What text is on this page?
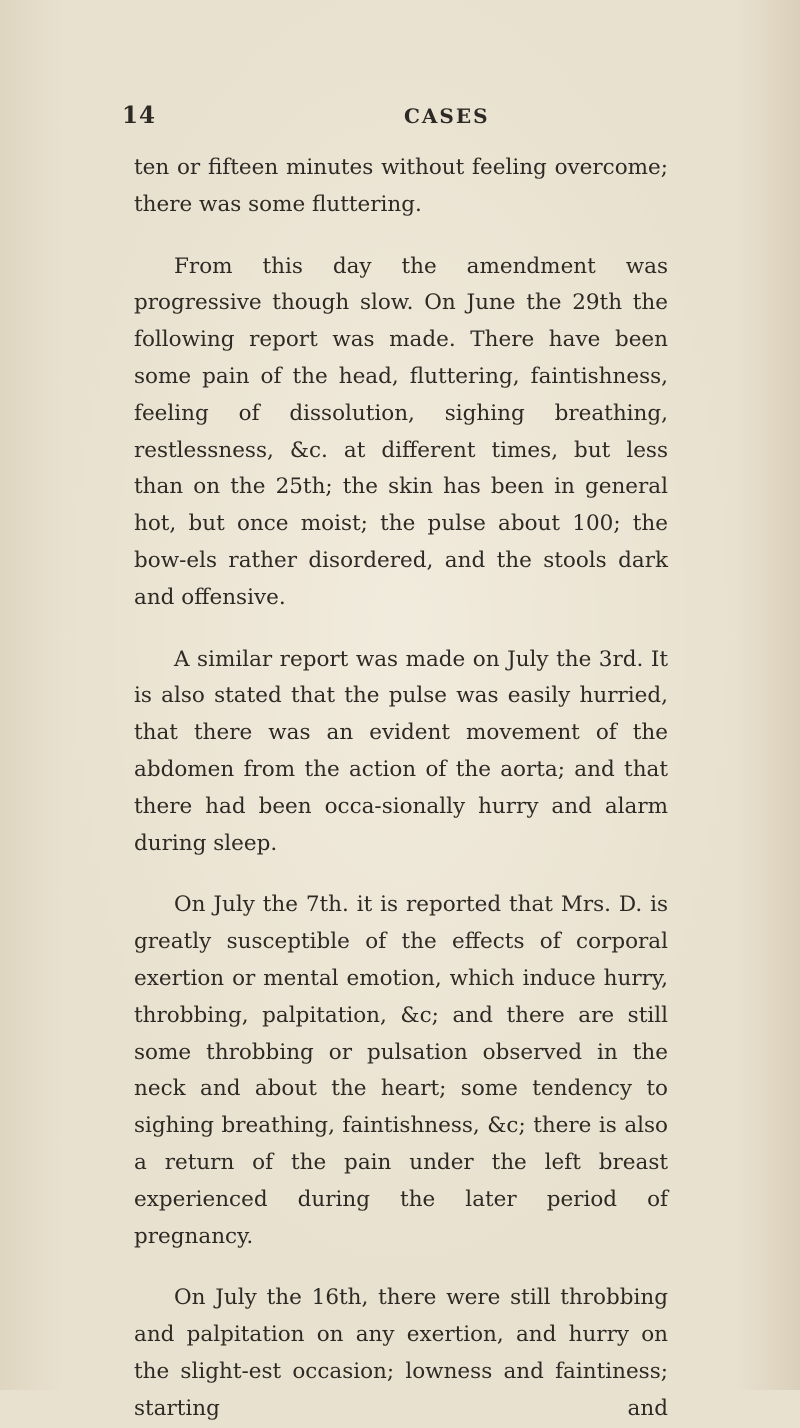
14	CASES

ten or fifteen minutes without feeling overcome; there was some fluttering.

From this day the amendment was progressive though slow. On June the 29th the following report was made. There have been some pain of the head, fluttering, faintishness, feeling of dissolution, sighing breathing, restlessness, &c. at different times, but less than on the 25th; the skin has been in general hot, but once moist; the pulse about 100; the bow-els rather disordered, and the stools dark and offensive.

A similar report was made on July the 3rd. It is also stated that the pulse was easily hurried, that there was an evident movement of the abdomen from the action of the aorta; and that there had been occa-sionally hurry and alarm during sleep.

On July the 7th. it is reported that Mrs. D. is greatly susceptible of the effects of corporal exertion or mental emotion, which induce hurry, throbbing, palpitation, &c; and there are still some throbbing or pulsation observed in the neck and about the heart; some tendency to sighing breathing, faintishness, &c; there is also a return of the pain under the left breast experienced during the later period of pregnancy.

On July the 16th, there were still throbbing and palpitation on any exertion, and hurry on the slight-est occasion; lowness and faintiness; starting and
